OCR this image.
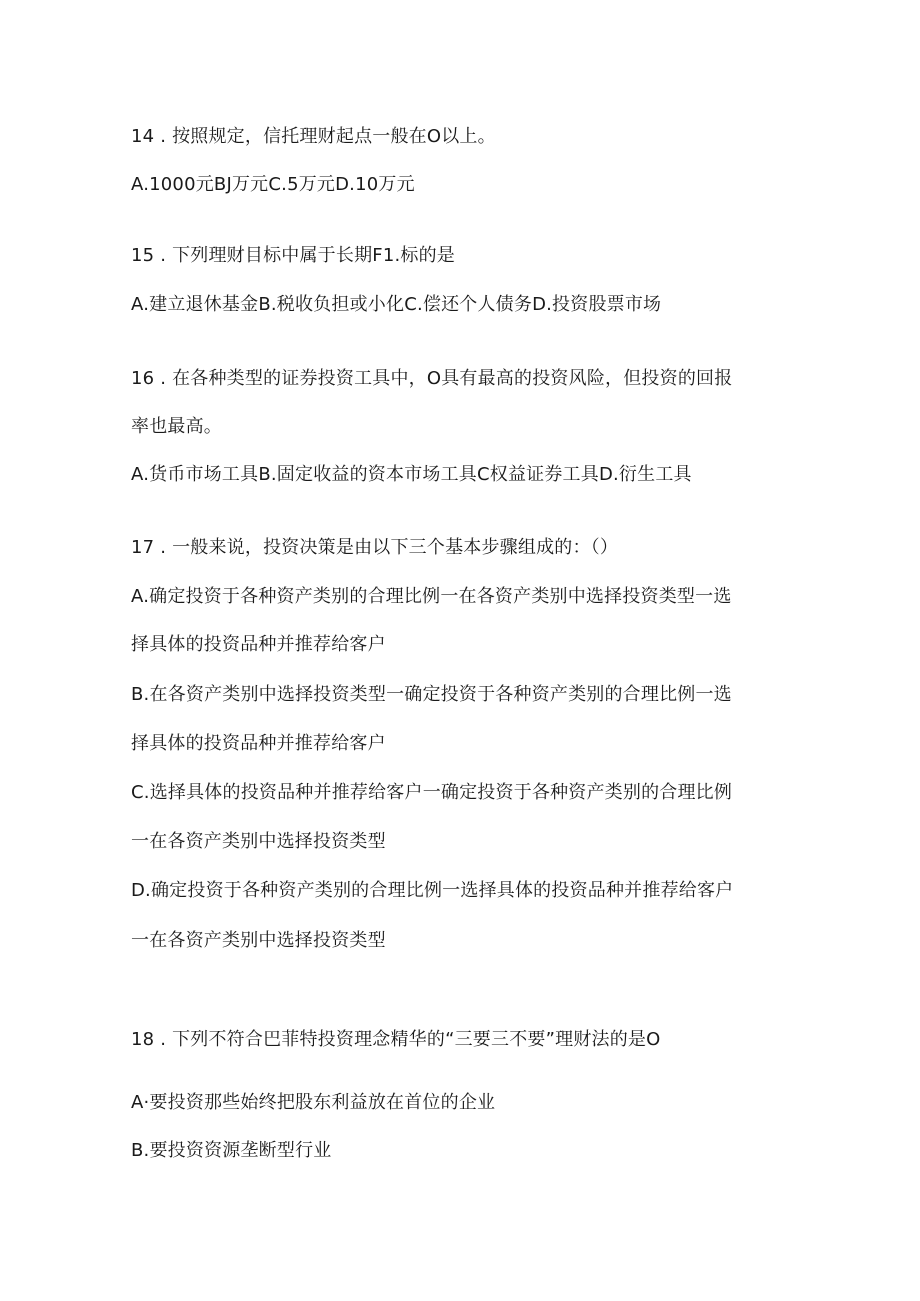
14 . 按照规定，信托理财起点一般在O以上。
A.1000元BJ万元C.5万元D.10万元
15 . 下列理财目标中属于长期F1.标的是
A.建立退休基金B.税收负担或小化C.偿还个人债务D.投资股票市场
16 . 在各种类型的证券投资工具中，O具有最高的投资风险，但投资的回报
率也最高。
A.货币市场工具B.固定收益的资本市场工具C权益证券工具D.衍生工具
17 . 一般来说，投资决策是由以下三个基本步骤组成的：（）
A.确定投资于各种资产类别的合理比例一在各资产类别中选择投资类型一选
择具体的投资品种并推荐给客户
B.在各资产类别中选择投资类型一确定投资于各种资产类别的合理比例一选
择具体的投资品种并推荐给客户
C.选择具体的投资品种并推荐给客户一确定投资于各种资产类别的合理比例
一在各资产类别中选择投资类型
D.确定投资于各种资产类别的合理比例一选择具体的投资品种并推荐给客户
一在各资产类别中选择投资类型
18 . 下列不符合巴菲特投资理念精华的“三要三不要”理财法的是O
A·要投资那些始终把股东利益放在首位的企业
B.要投资资源垄断型行业
